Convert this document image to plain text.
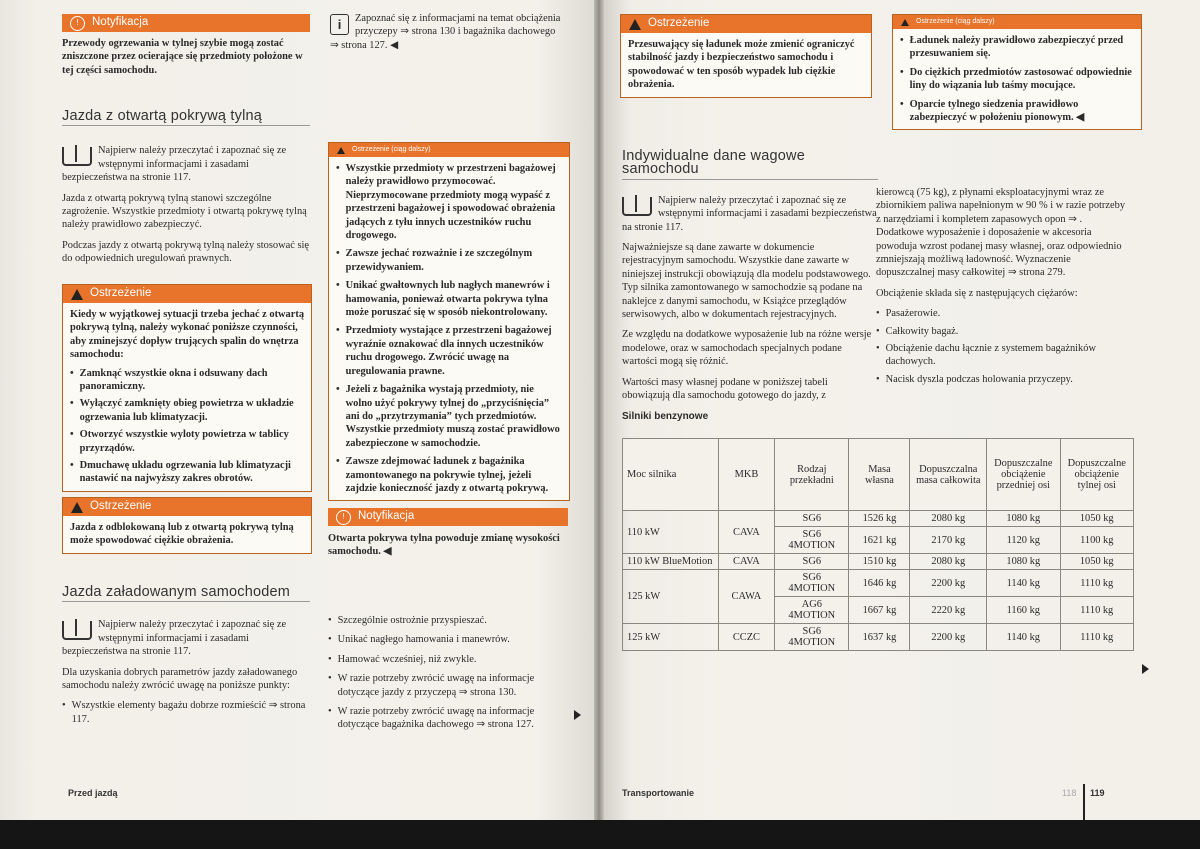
!	Notyfikacja
Przewody ogrzewania w tylnej szybie mogą zostać zniszczone przez ocierające się przedmioty położone w tej części samochodu.
i	Zapoznać się z informacjami na temat obciążenia przyczepy ⇒ strona 130 i bagażnika dachowego ⇒ strona 127. ◀
Jazda z otwartą pokrywą tylną
Najpierw należy przeczytać i zapoznać się ze wstępnymi informacjami i zasadami bezpieczeństwa na stronie 117.

Jazda z otwartą pokrywą tylną stanowi szczególne zagrożenie. Wszystkie przedmioty i otwartą pokrywę tylną należy prawidłowo zabezpieczyć.

Podczas jazdy z otwartą pokrywą tylną należy stosować się do odpowiednich uregulowań prawnych.

Ostrzeżenie

Kiedy w wyjątkowej sytuacji trzeba jechać z otwartą pokrywą tylną, należy wykonać poniższe czynności, aby zminejszyć dopływ trujących spalin do wnętrza samochodu:

• Zamknąć wszystkie okna i odsuwany dach panoramiczny.
• Wyłączyć zamknięty obieg powietrza w układzie ogrzewania lub klimatyzacji.
• Otworzyć wszystkie wyloty powietrza w tablicy przyrządów.
• Dmuchawę układu ogrzewania lub klimatyzacji nastawić na najwyższy zakres obrotów.
Ostrzeżenie
Jazda z odblokowaną lub z otwartą pokrywą tylną może spowodować ciężkie obrażenia.
Jazda załadowanym samochodem
Najpierw należy przeczytać i zapoznać się ze wstępnymi informacjami i zasadami bezpieczeństwa na stronie 117.

Dla uzyskania dobrych parametrów jazdy załadowanego samochodu należy zwrócić uwagę na poniższe punkty:

• Wszystkie elementy bagażu dobrze rozmieścić ⇒ strona 117.
Ostrzeżenie (ciąg dalszy)
• Wszystkie przedmioty w przestrzeni bagażowej należy prawidłowo przymocować. Nieprzymocowane przedmioty mogą wypaść z przestrzeni bagażowej i spowodować obrażenia jadących z tyłu innych uczestników ruchu drogowego.
• Zawsze jechać rozważnie i ze szczególnym przewidywaniem.
• Unikać gwałtownych lub nagłych manewrów i hamowania, ponieważ otwarta pokrywa tylna może poruszać się w sposób niekontrolowany.
• Przedmioty wystające z przestrzeni bagażowej wyraźnie oznakować dla innych uczestników ruchu drogowego. Zwrócić uwagę na uregulowania prawne.
• Jeżeli z bagażnika wystają przedmioty, nie wolno użyć pokrywy tylnej do „przyciśnięcia” ani do „przytrzymania” tych przedmiotów. Wszystkie przedmioty muszą zostać prawidłowo zabezpieczone w samochodzie.
• Zawsze zdejmować ładunek z bagażnika zamontowanego na pokrywie tylnej, jeżeli zajdzie konieczność jazdy z otwartą pokrywą.
!	Notyfikacja
Otwarta pokrywa tylna powoduje zmianę wysokości samochodu. ◀
• Szczególnie ostrożnie przyspieszać.
• Unikać nagłego hamowania i manewrów.
• Hamować wcześniej, niż zwykle.
• W razie potrzeby zwrócić uwagę na informacje dotyczące jazdy z przyczepą ⇒ strona 130.
• W razie potrzeby zwrócić uwagę na informacje dotyczące bagażnika dachowego ⇒ strona 127.
Przed jazdą
Ostrzeżenie
Przesuwający się ładunek może zmienić ograniczyć stabilność jazdy i bezpieczeństwo samochodu i spowodować w ten sposób wypadek lub ciężkie obrażenia.
Ostrzeżenie (ciąg dalszy)
• Ładunek należy prawidłowo zabezpieczyć przed przesuwaniem się.
• Do ciężkich przedmiotów zastosować odpowiednie liny do wiązania lub taśmy mocujące.
• Oparcie tylnego siedzenia prawidłowo zabezpieczyć w położeniu pionowym. ◀
Indywidualne dane wagowe samochodu
Najpierw należy przeczytać i zapoznać się ze wstępnymi informacjami i zasadami bezpieczeństwa na stronie 117.

Najważniejsze są dane zawarte w dokumencie rejestracyjnym samochodu. Wszystkie dane zawarte w niniejszej instrukcji obowiązują dla modelu podstawowego. Typ silnika zamontowanego w samochodzie są podane na naklejce z danymi samochodu, w Książce przeglądów serwisowych, albo w dokumentach rejestracyjnych.

Ze względu na dodatkowe wyposażenie lub na różne wersje modelowe, oraz w samochodach specjalnych podane wartości mogą się różnić.

Wartości masy własnej podane w poniższej tabeli obowiązują dla samochodu gotowego do jazdy, z

kierowcą (75 kg), z płynami eksploatacyjnymi wraz ze zbiornikiem paliwa napełnionym w 90 % i w razie potrzeby z narzędziami i kompletem zapasowych opon ⇒ . Dodatkowe wyposażenie i doposażenie w akcesoria powoduja wzrost podanej masy własnej, oraz odpowiednio zmniejszają możliwą ładowność. Wyznaczenie dopuszczalnej masy całkowitej ⇒ strona 279.

Obciążenie składa się z następujących ciężarów:

• Pasażerowie.
• Całkowity bagaż.
• Obciążenie dachu łącznie z systemem bagażników dachowych.
• Nacisk dyszla podczas holowania przyczepy.
Silniki benzynowe
Moc silnika	MKB	Rodzaj przekładni	Masa własna	Dopuszczalna masa całkowita	Dopuszczalne obciążenie przedniej osi	Dopuszczalne obciążenie tylnej osi
110 kW	CAVA	SG6	1526 kg	2080 kg	1080 kg	1050 kg
		SG6 4MOTION	1621 kg	2170 kg	1120 kg	1100 kg
110 kW BlueMotion	CAVA	SG6	1510 kg	2080 kg	1080 kg	1050 kg
125 kW	CAWA	SG6 4MOTION	1646 kg	2200 kg	1140 kg	1110 kg
		AG6 4MOTION	1667 kg	2220 kg	1160 kg	1110 kg
125 kW	CCZC	SG6 4MOTION	1637 kg	2200 kg	1140 kg	1110 kg
Transportowanie	118 119
